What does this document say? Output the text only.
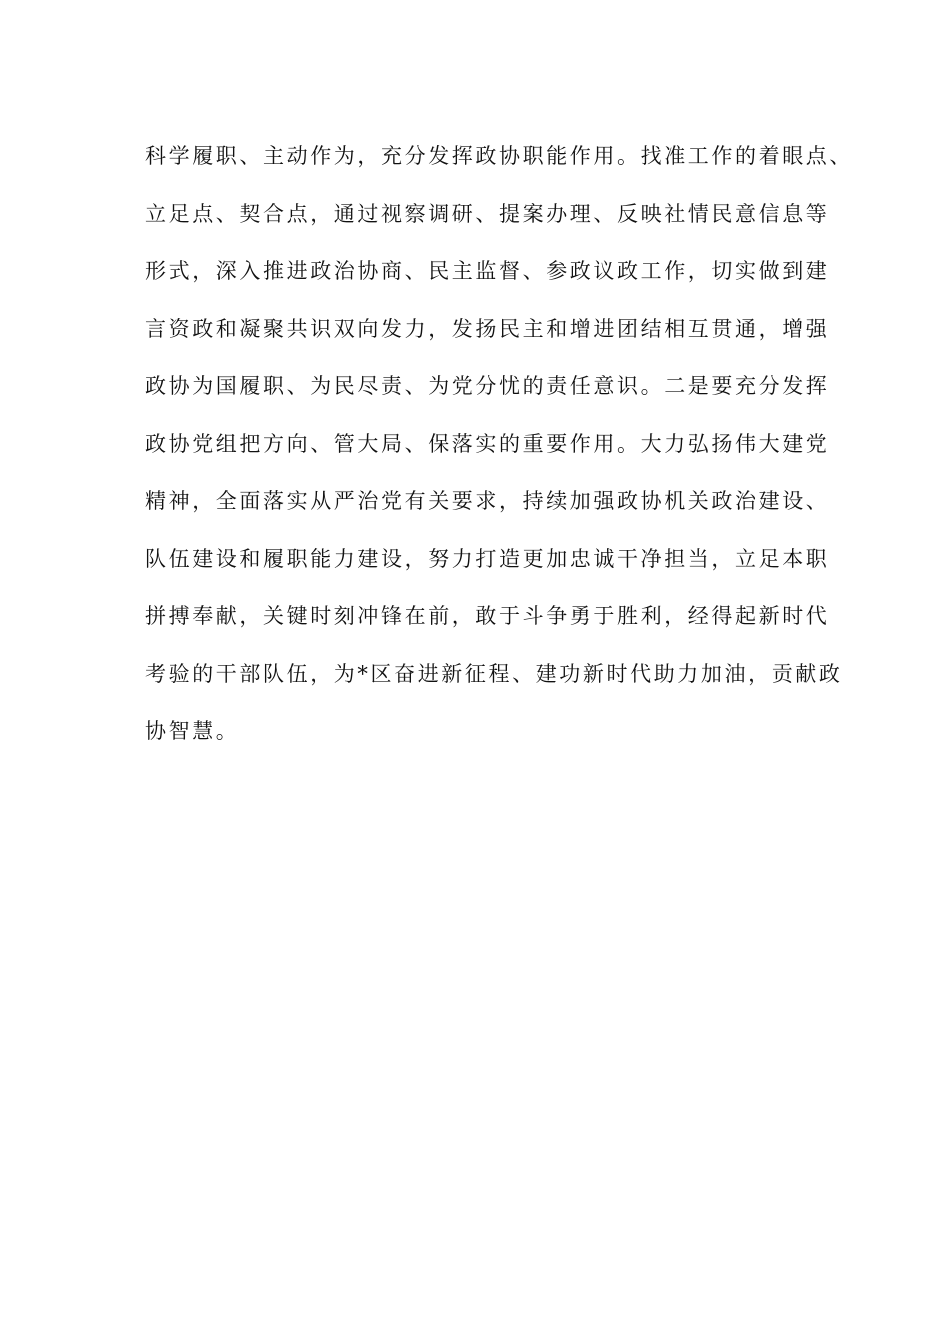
科学履职、主动作为，充分发挥政协职能作用。找准工作的着眼点、
立足点、契合点，通过视察调研、提案办理、反映社情民意信息等
形式，深入推进政治协商、民主监督、参政议政工作，切实做到建
言资政和凝聚共识双向发力，发扬民主和增进团结相互贯通，增强
政协为国履职、为民尽责、为党分忧的责任意识。二是要充分发挥
政协党组把方向、管大局、保落实的重要作用。大力弘扬伟大建党
精神，全面落实从严治党有关要求，持续加强政协机关政治建设、
队伍建设和履职能力建设，努力打造更加忠诚干净担当，立足本职
拼搏奉献，关键时刻冲锋在前，敢于斗争勇于胜利，经得起新时代
考验的干部队伍，为*区奋进新征程、建功新时代助力加油，贡献政
协智慧。
